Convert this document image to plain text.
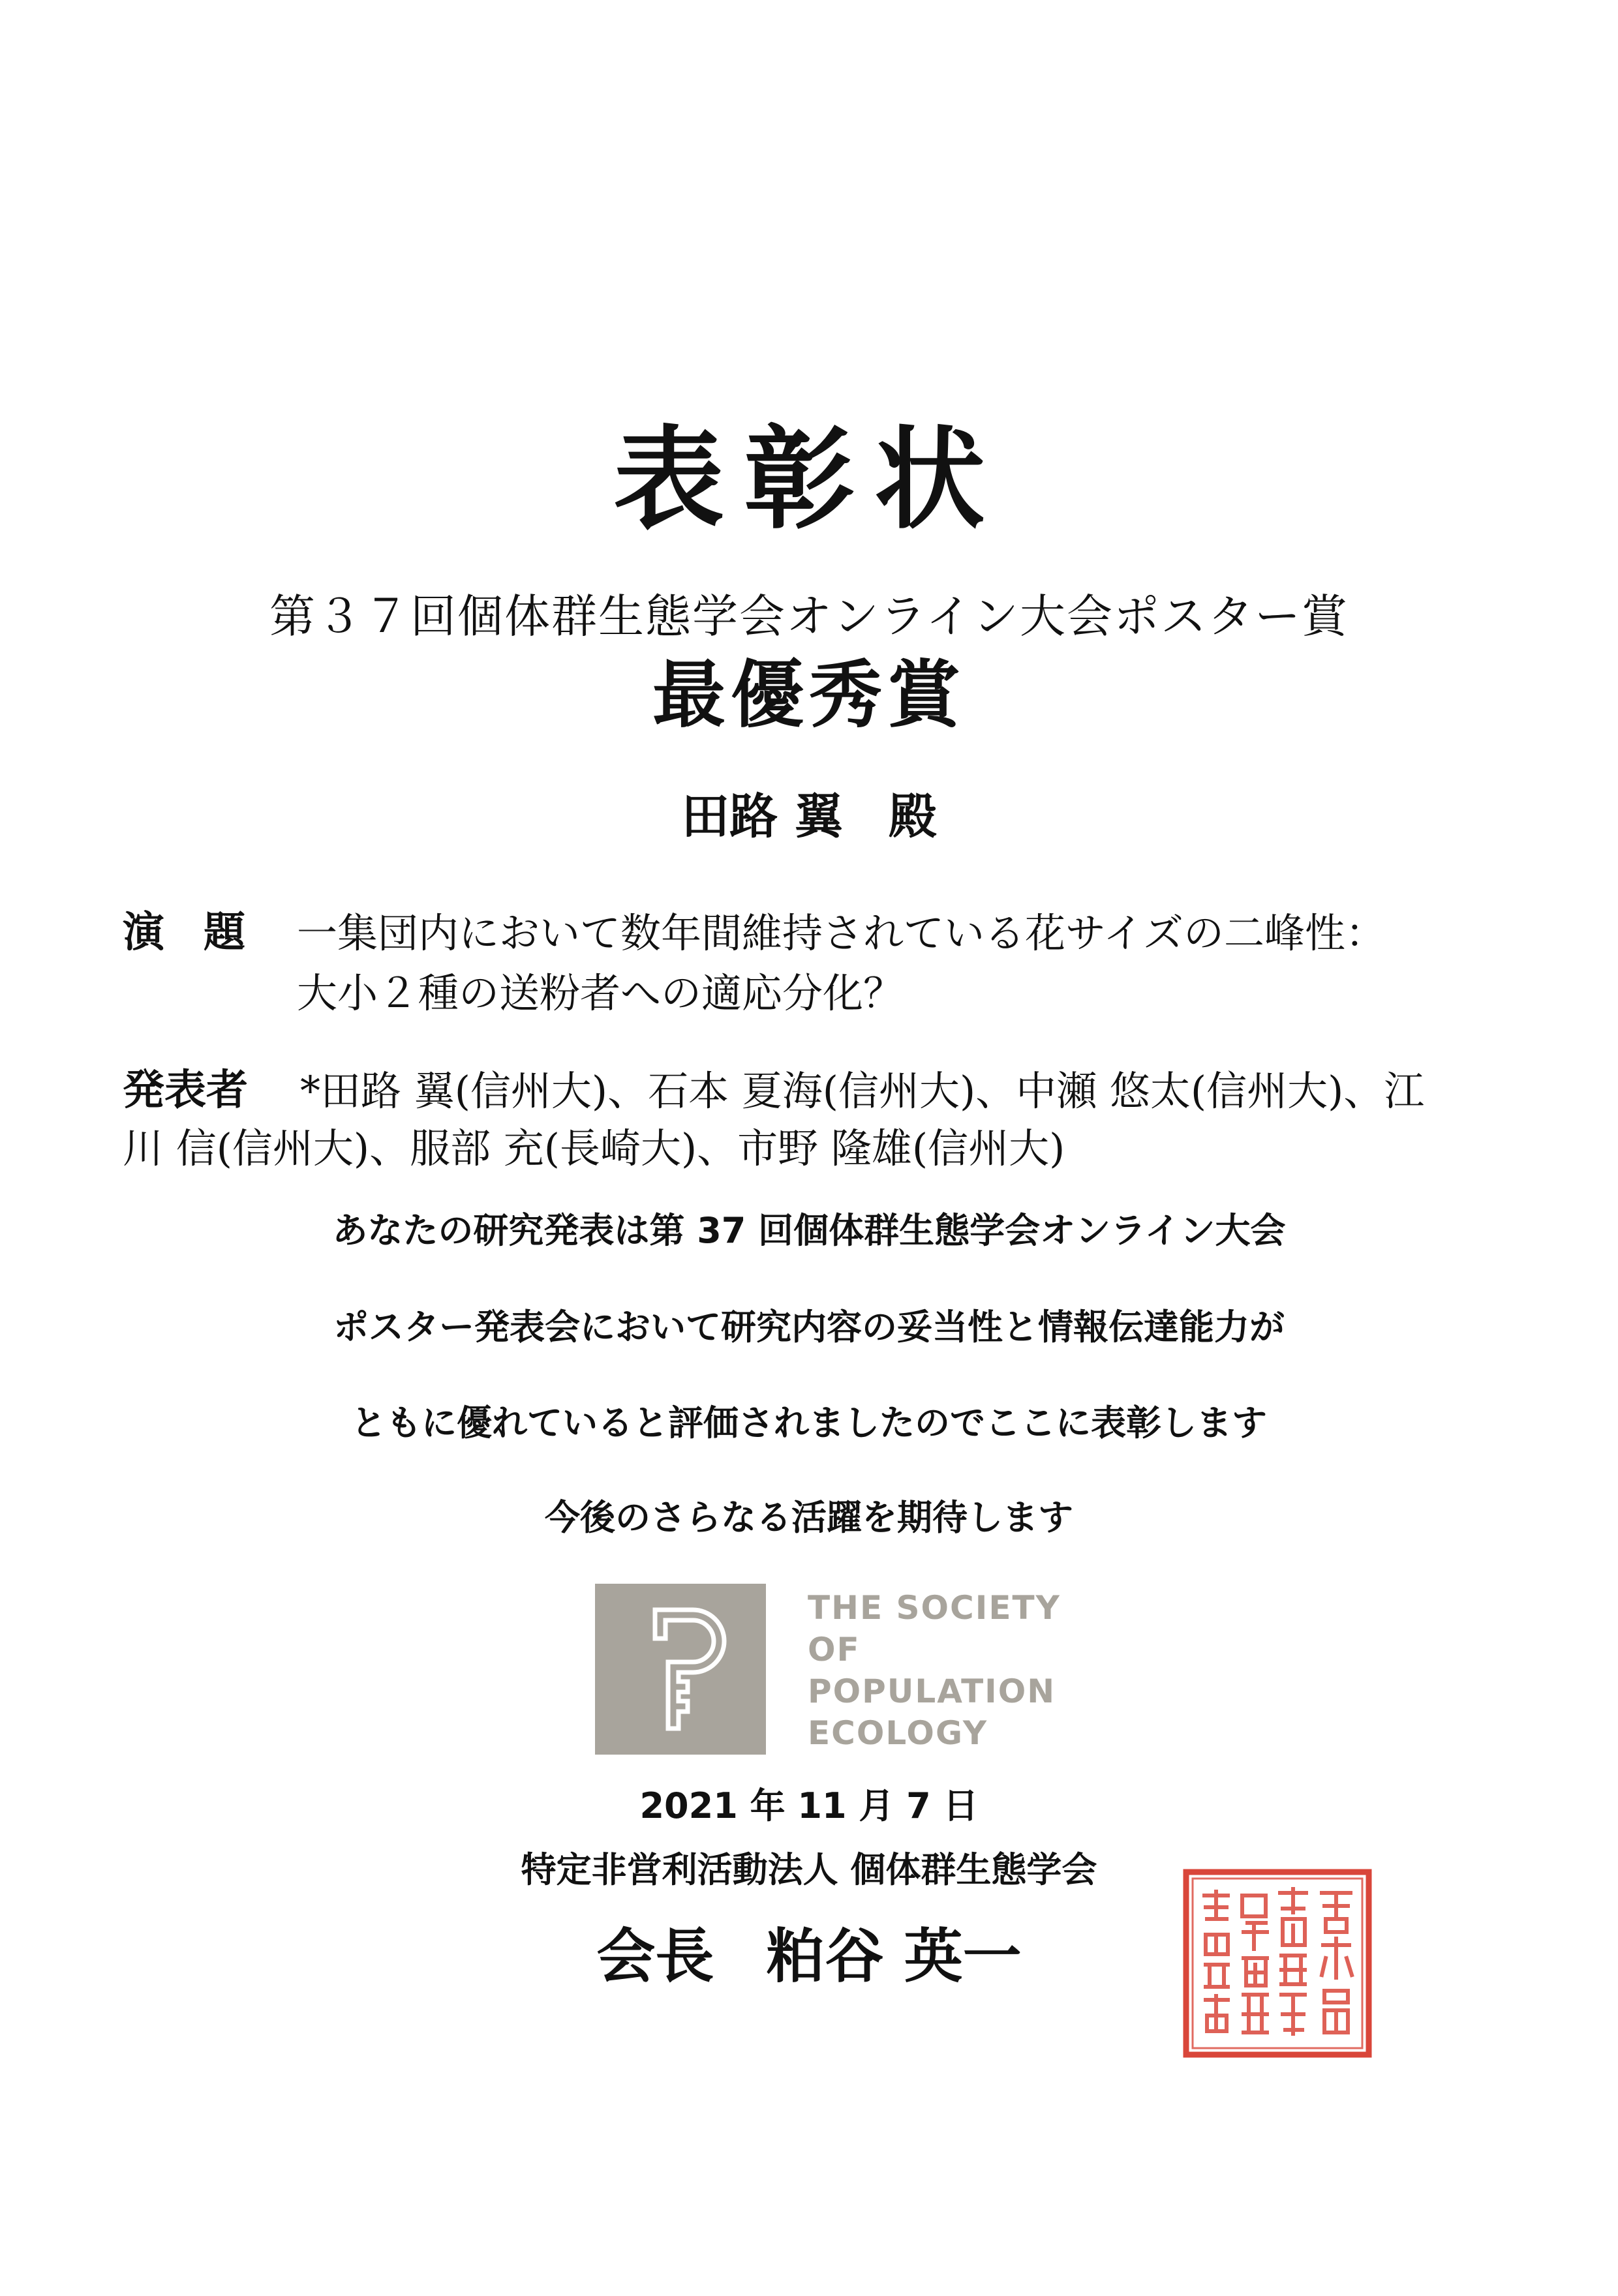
表彰状
第３７回個体群生態学会オンライン大会ポスター賞
最優秀賞
田路 翼 殿
演題 一集団内において数年間維持されている花サイズの二峰性：
大小２種の送粉者への適応分化？
発表者 *田路 翼(信州大)、石本 夏海(信州大)、中瀬 悠太(信州大)、江
川 信(信州大)、服部 充(長崎大)、市野 隆雄(信州大)
あなたの研究発表は第 37 回個体群生態学会オンライン大会
ポスター発表会において研究内容の妥当性と情報伝達能力が
ともに優れていると評価されましたのでここに表彰します
今後のさらなる活躍を期待します
THE SOCIETY
OF
POPULATION
ECOLOGY
2021 年 11 月 7 日
特定非営利活動法人 個体群生態学会
会長 粕谷 英一
